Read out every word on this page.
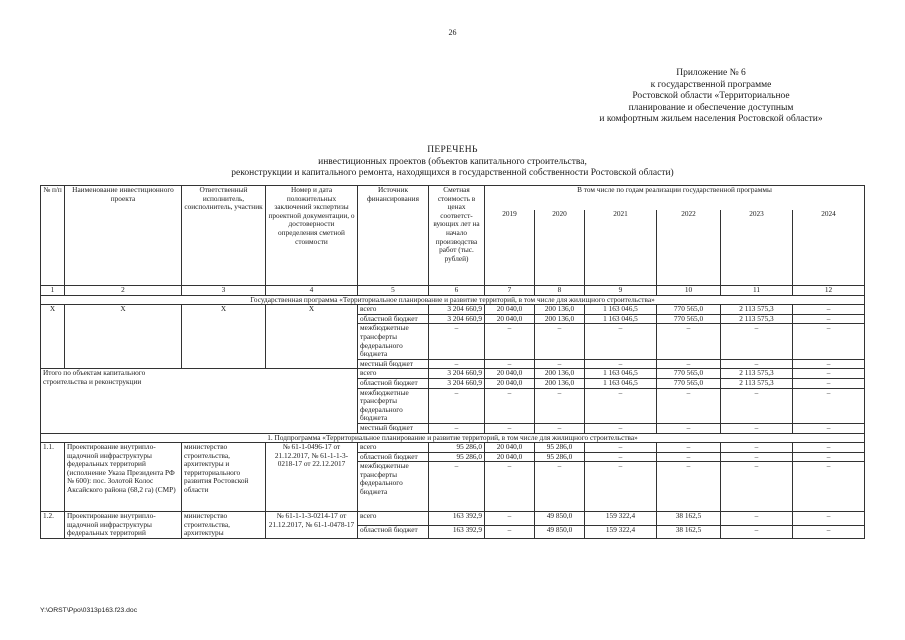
26
Приложение № 6
к государственной программе
Ростовской области «Территориальное
планирование и обеспечение доступным
и комфортным жильем населения Ростовской области»
ПЕРЕЧЕНЬ
инвестиционных проектов (объектов капитального строительства,
реконструкции и капитального ремонта, находящихся в государственной собственности Ростовской области)
№ п/п	Наименование инвестиционного проекта	Ответственный исполнитель, соисполнитель, участник	Номер и дата положительных заключений экспертизы проектной документации, о достоверности определения сметной стоимости	Источник финансирования	Сметная стоимость в ценах соответст-вующих лет на начало производства работ (тыс. рублей)	В том числе по годам реализации государственной программы					
						2019	2020	2021	2022	2023	2024
1	2	3	4	5	6	7	8	9	10	11	12
Государственная программа «Территориальное планирование и развитие территорий, в том числе для жилищного строительства»											
Х	Х	Х	Х	всего	3 204 660,9	20 040,0	200 136,0	1 163 046,5	770 565,0	2 113 575,3	–
				областной бюджет	3 204 660,9	20 040,0	200 136,0	1 163 046,5	770 565,0	2 113 575,3	–
				межбюджетные трансферты федерального бюджета	–	–	–	–	–	–	–
				местный бюджет	–	–	–	–	–	–	–
Итого по объектам капитального строительства и реконструкции				всего	3 204 660,9	20 040,0	200 136,0	1 163 046,5	770 565,0	2 113 575,3	–
				областной бюджет	3 204 660,9	20 040,0	200 136,0	1 163 046,5	770 565,0	2 113 575,3	–
				межбюджетные трансферты федерального бюджета	–	–	–	–	–	–	–
				местный бюджет	–	–	–	–	–	–	–
1. Подпрограмма «Территориальное планирование и развитие территорий, в том числе для жилищного строительства»											
1.1.	Проектирование внутрипло-щадочной инфраструктуры федеральных территорий (исполнение Указа Президента РФ № 600): пос. Золотой Колос Аксайского района (68,2 га) (СМР)	министерство строительства, архитектуры и территориального развития Ростовской области	№ 61-1-0496-17 от 21.12.2017, № 61-1-1-3-0218-17 от 22.12.2017	всего	95 286,0	20 040,0	95 286,0	–	–	–	–
				областной бюджет	95 286,0	20 040,0	95 286,0	–	–	–	–
				межбюджетные трансферты федерального бюджета	–	–	–	–	–	–	–
1.2.	Проектирование внутрипло-щадочной инфраструктуры федеральных территорий	министерство строительства, архитектуры	№ 61-1-1-3-0214-17 от 21.12.2017, № 61-1-0478-17	всего	163 392,9	–	49 850,0	159 322,4	38 162,5	–	–
				областной бюджет	163 392,9	–	49 850,0	159 322,4	38 162,5	–	–
Y:\ORST\Ppo\0313p163.f23.doc
